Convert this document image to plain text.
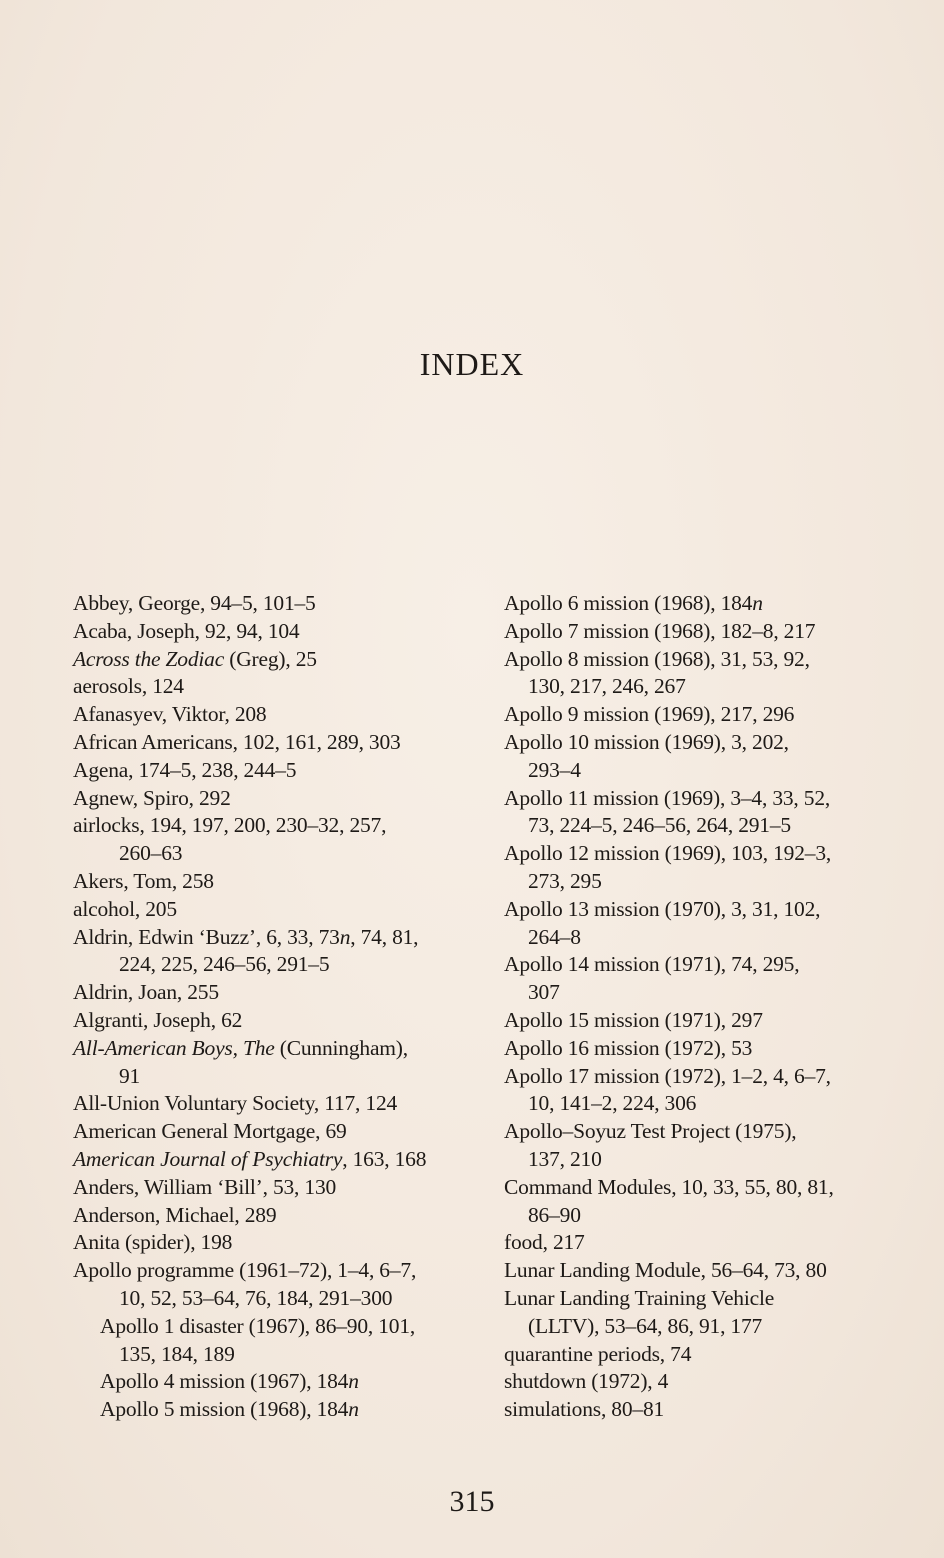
INDEX
Abbey, George, 94–5, 101–5
Acaba, Joseph, 92, 94, 104
Across the Zodiac (Greg), 25
aerosols, 124
Afanasyev, Viktor, 208
African Americans, 102, 161, 289, 303
Agena, 174–5, 238, 244–5
Agnew, Spiro, 292
airlocks, 194, 197, 200, 230–32, 257,
260–63
Akers, Tom, 258
alcohol, 205
Aldrin, Edwin ‘Buzz’, 6, 33, 73n, 74, 81,
224, 225, 246–56, 291–5
Aldrin, Joan, 255
Algranti, Joseph, 62
All-American Boys, The (Cunningham),
91
All-Union Voluntary Society, 117, 124
American General Mortgage, 69
American Journal of Psychiatry, 163, 168
Anders, William ‘Bill’, 53, 130
Anderson, Michael, 289
Anita (spider), 198
Apollo programme (1961–72), 1–4, 6–7,
10, 52, 53–64, 76, 184, 291–300
Apollo 1 disaster (1967), 86–90, 101,
135, 184, 189
Apollo 4 mission (1967), 184n
Apollo 5 mission (1968), 184n
Apollo 6 mission (1968), 184n
Apollo 7 mission (1968), 182–8, 217
Apollo 8 mission (1968), 31, 53, 92,
130, 217, 246, 267
Apollo 9 mission (1969), 217, 296
Apollo 10 mission (1969), 3, 202,
293–4
Apollo 11 mission (1969), 3–4, 33, 52,
73, 224–5, 246–56, 264, 291–5
Apollo 12 mission (1969), 103, 192–3,
273, 295
Apollo 13 mission (1970), 3, 31, 102,
264–8
Apollo 14 mission (1971), 74, 295,
307
Apollo 15 mission (1971), 297
Apollo 16 mission (1972), 53
Apollo 17 mission (1972), 1–2, 4, 6–7,
10, 141–2, 224, 306
Apollo–Soyuz Test Project (1975),
137, 210
Command Modules, 10, 33, 55, 80, 81,
86–90
food, 217
Lunar Landing Module, 56–64, 73, 80
Lunar Landing Training Vehicle
(LLTV), 53–64, 86, 91, 177
quarantine periods, 74
shutdown (1972), 4
simulations, 80–81
315
